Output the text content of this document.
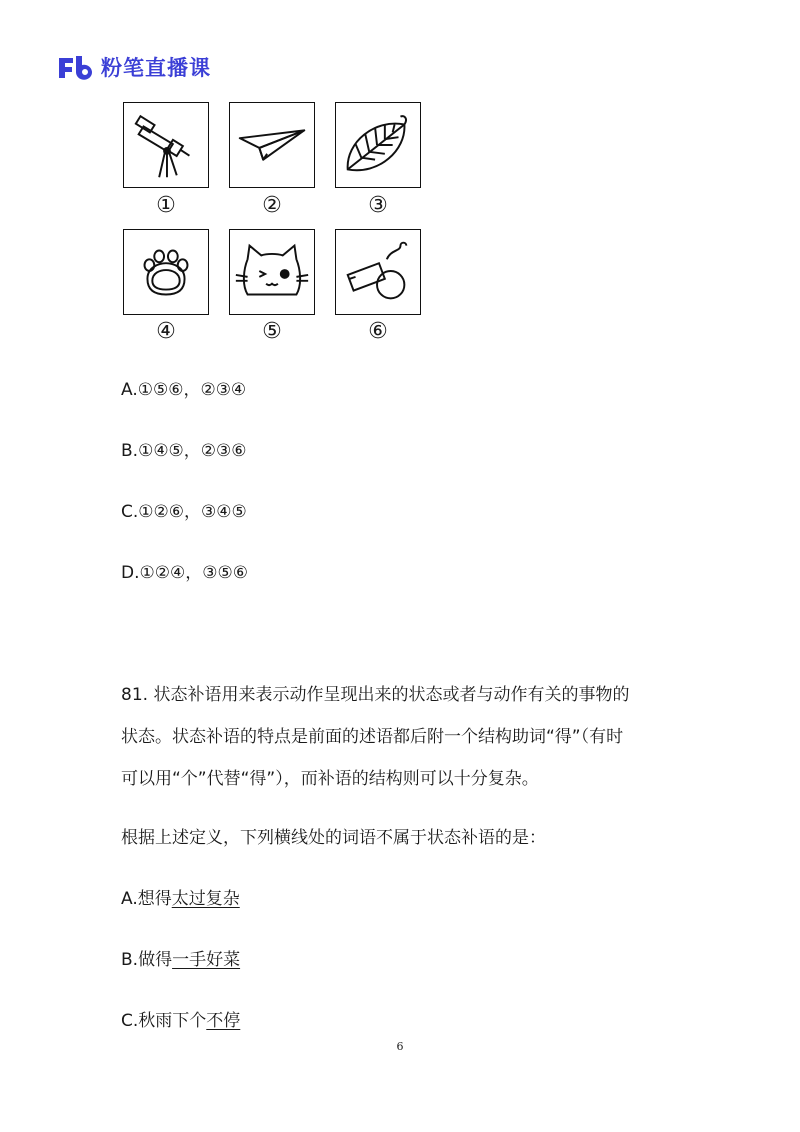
粉笔直播课
①	②	③
④	⑤	⑥
A.①⑤⑥，②③④
B.①④⑤，②③⑥
C.①②⑥，③④⑤
D.①②④，③⑤⑥
81. 状态补语用来表示动作呈现出来的状态或者与动作有关的事物的
状态。状态补语的特点是前面的述语都后附一个结构助词“得”（有时
可以用“个”代替“得”），而补语的结构则可以十分复杂。
根据上述定义，下列横线处的词语不属于状态补语的是：
A.想得太过复杂
B.做得一手好菜
C.秋雨下个不停
6
